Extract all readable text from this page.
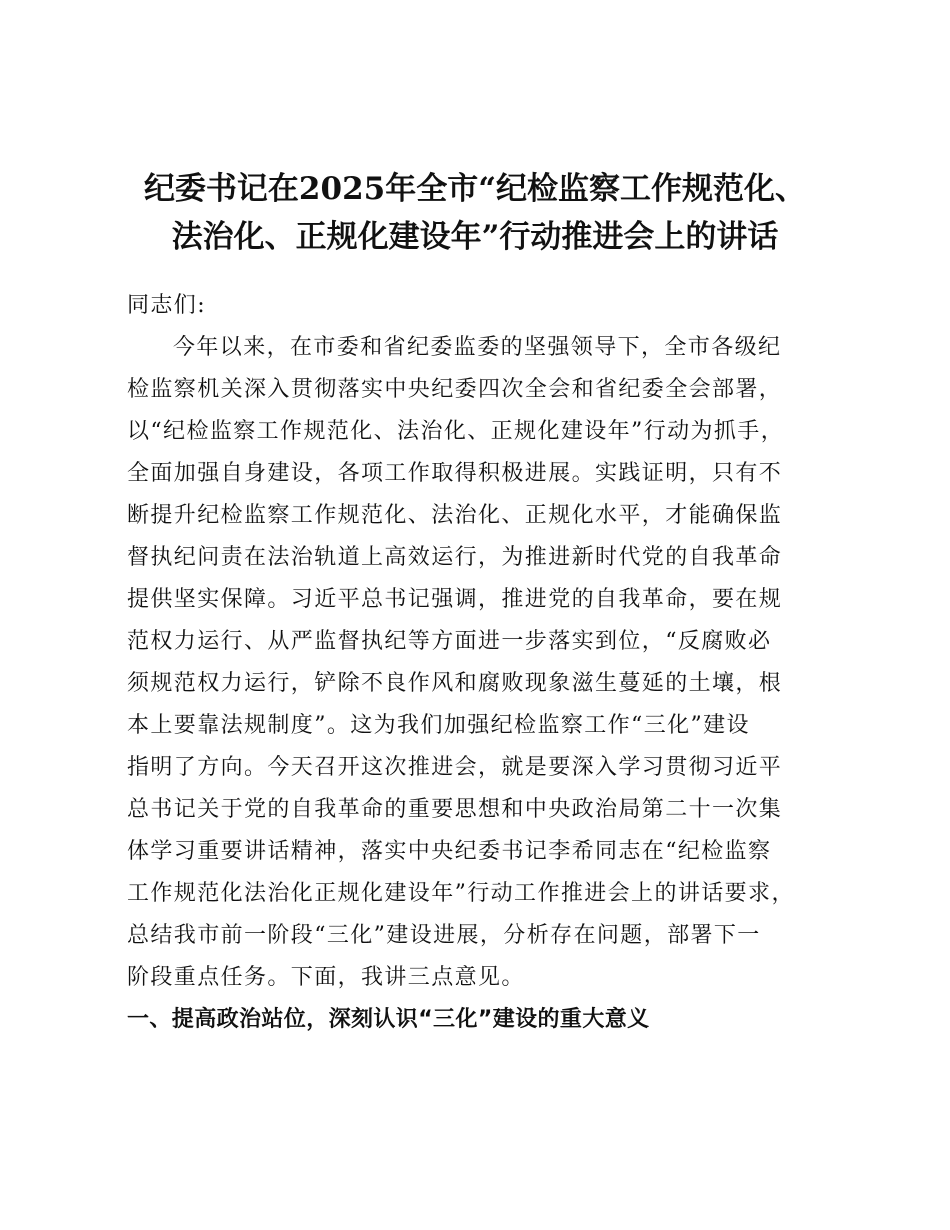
纪委书记在2025年全市“纪检监察工作规范化、
法治化、正规化建设年”行动推进会上的讲话

同志们:

今年以来，在市委和省纪委监委的坚强领导下，全市各级纪
检监察机关深入贯彻落实中央纪委四次全会和省纪委全会部署，
以“纪检监察工作规范化、法治化、正规化建设年”行动为抓手，
全面加强自身建设，各项工作取得积极进展。实践证明，只有不
断提升纪检监察工作规范化、法治化、正规化水平，才能确保监
督执纪问责在法治轨道上高效运行，为推进新时代党的自我革命
提供坚实保障。习近平总书记强调，推进党的自我革命，要在规
范权力运行、从严监督执纪等方面进一步落实到位，“反腐败必
须规范权力运行，铲除不良作风和腐败现象滋生蔓延的土壤，根
本上要靠法规制度”。这为我们加强纪检监察工作“三化”建设
指明了方向。今天召开这次推进会，就是要深入学习贯彻习近平
总书记关于党的自我革命的重要思想和中央政治局第二十一次集
体学习重要讲话精神，落实中央纪委书记李希同志在“纪检监察
工作规范化法治化正规化建设年”行动工作推进会上的讲话要求，
总结我市前一阶段“三化”建设进展，分析存在问题，部署下一
阶段重点任务。下面，我讲三点意见。

一、提高政治站位，深刻认识“三化”建设的重大意义
